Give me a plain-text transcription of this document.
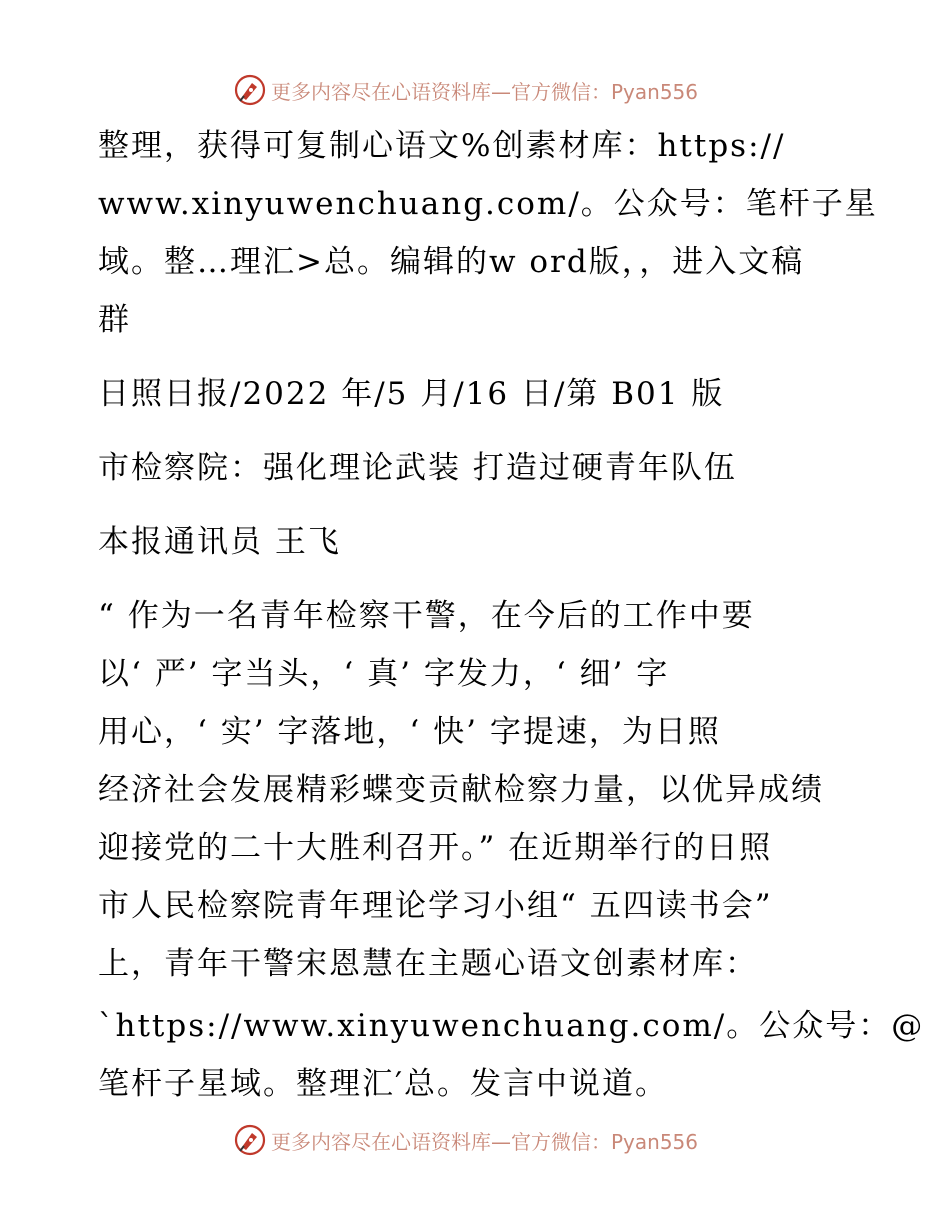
更多内容尽在心语资料库—官方微信：Pyan556
整理，获得可复制心语文%创素材库：https://
www.xinyuwenchuang.com/。公众号：笔杆子星
域。整…理汇>总。编辑的w ord版，，进入文稿
群
日照日报/2022 年/5 月/16 日/第 B01 版
市检察院：强化理论武装 打造过硬青年队伍
本报通讯员 王飞
“ 作为一名青年检察干警，在今后的工作中要
以‘ 严’ 字当头，‘ 真’ 字发力，‘ 细’ 字
用心，‘ 实’ 字落地，‘ 快’ 字提速，为日照
经济社会发展精彩蝶变贡献检察力量，以优异成绩
迎接党的二十大胜利召开。” 在近期举行的日照
市人民检察院青年理论学习小组“ 五四读书会”
上，青年干警宋恩慧在主题心语文创素材库：
`https://www.xinyuwenchuang.com/。公众号：@
笔杆子星域。整理汇′总。发言中说道。
更多内容尽在心语资料库—官方微信：Pyan556
